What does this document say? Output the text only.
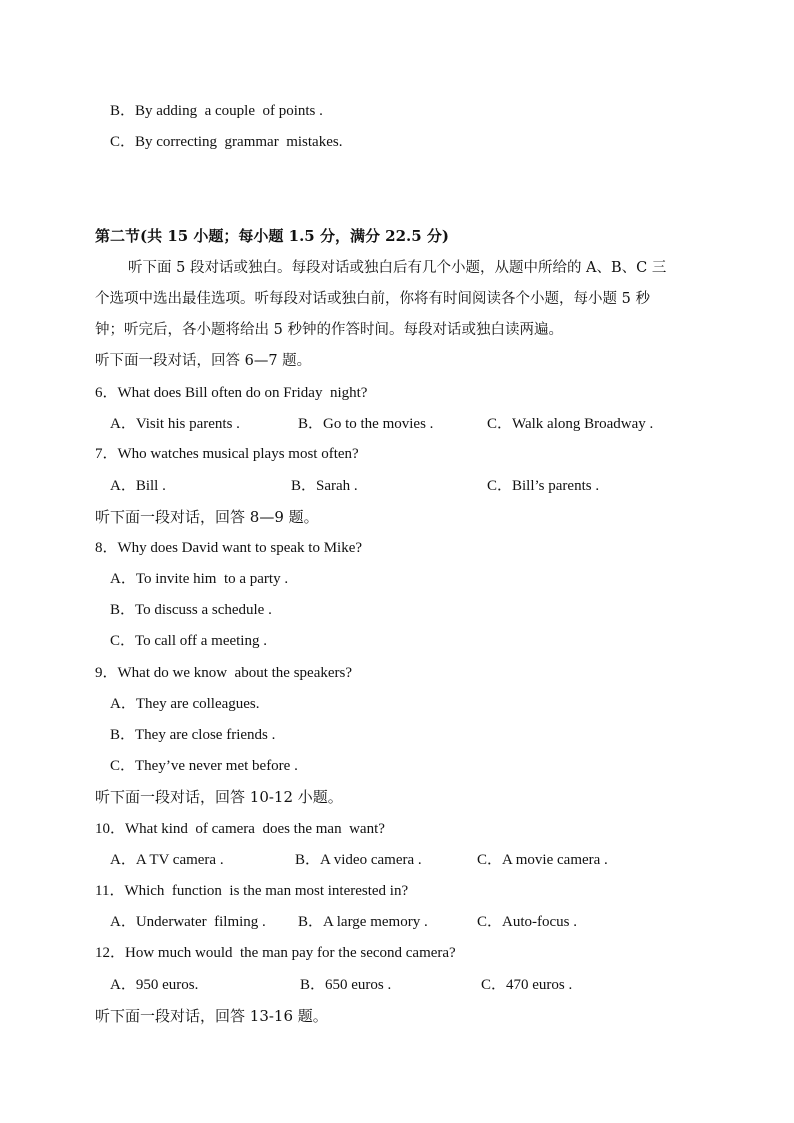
B．By adding  a couple  of points .
C．By correcting  grammar  mistakes.
第二节(共 15 小题；每小题 1.5 分，满分 22.5 分)
听下面 5 段对话或独白。每段对话或独白后有几个小题，从题中所给的 A、B、C 三
个选项中选出最佳选项。听每段对话或独白前，你将有时间阅读各个小题，每小题 5 秒
钟；听完后，各小题将给出 5 秒钟的作答时间。每段对话或独白读两遍。
听下面一段对话，回答 6—7 题。
6．What does Bill often do on Friday  night?
A．Visit his parents .	B．Go to the movies .	C．Walk along Broadway .
7．Who watches musical plays most often?
A．Bill .	B．Sarah .	C．Bill’s parents .
听下面一段对话，回答 8—9 题。
8．Why does David want to speak to Mike?
A．To invite him  to a party .
B．To discuss a schedule .
C．To call off a meeting .
9．What do we know  about the speakers?
A．They are colleagues.
B．They are close friends .
C．They’ve never met before .
听下面一段对话，回答 10-12 小题。
10．What kind  of camera  does the man  want?
A．A TV camera .	B．A video camera .	C．A movie camera .
11．Which  function  is the man most interested in?
A．Underwater  filming . B．A large memory .	C．Auto-focus .
12．How much would  the man pay for the second camera?
A．950 euros.	B．650 euros .	C．470 euros .
听下面一段对话，回答 13-16 题。
